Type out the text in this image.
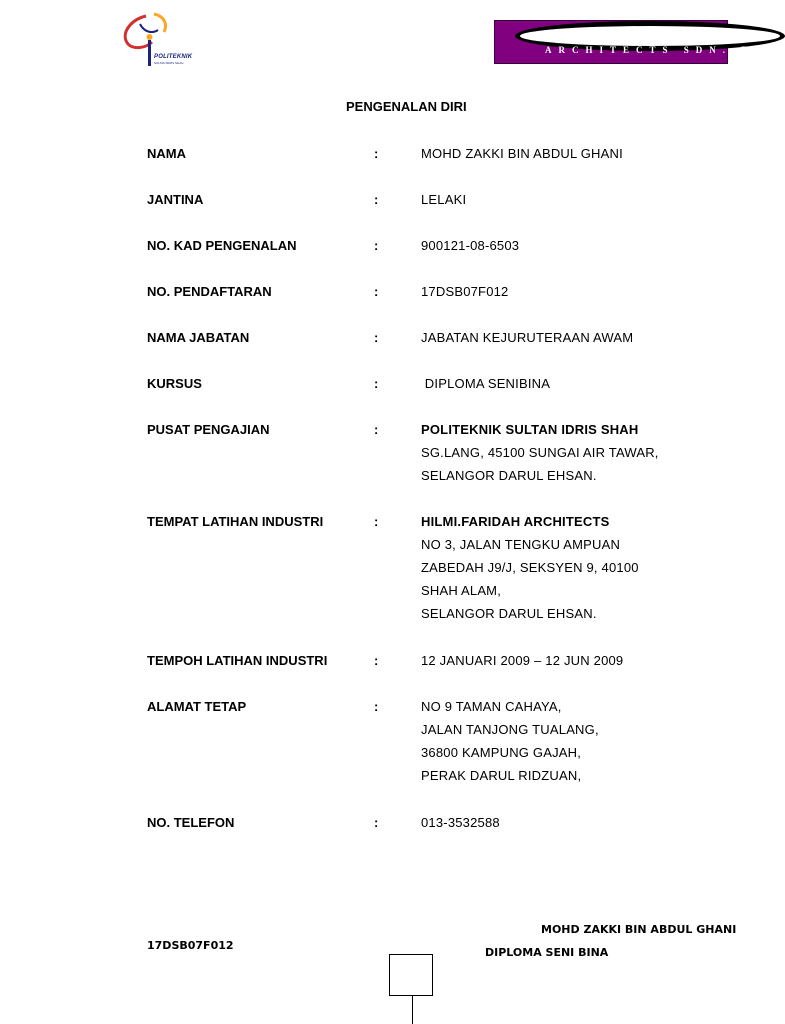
POLITEKNIK
SULTAN IDRIS SHAH
ARCHITECTS SDN. BHD
PENGENALAN DIRI
NAMA	:	MOHD ZAKKI BIN ABDUL GHANI
JANTINA	:	LELAKI
NO. KAD PENGENALAN	:	900121-08-6503
NO. PENDAFTARAN	:	17DSB07F012
NAMA JABATAN	:	JABATAN KEJURUTERAAN AWAM
KURSUS	:	DIPLOMA SENIBINA
PUSAT PENGAJIAN	:	POLITEKNIK SULTAN IDRIS SHAH
SG.LANG, 45100 SUNGAI AIR TAWAR,
SELANGOR DARUL EHSAN.
TEMPAT LATIHAN INDUSTRI	:	HILMI.FARIDAH ARCHITECTS
NO 3, JALAN TENGKU AMPUAN
ZABEDAH J9/J, SEKSYEN 9, 40100
SHAH ALAM,
SELANGOR DARUL EHSAN.
TEMPOH LATIHAN INDUSTRI	:	12 JANUARI 2009 – 12 JUN 2009
ALAMAT TETAP	:	NO 9 TAMAN CAHAYA,
JALAN TANJONG TUALANG,
36800 KAMPUNG GAJAH,
PERAK DARUL RIDZUAN,
NO. TELEFON	:	013-3532588
MOHD ZAKKI BIN ABDUL GHANI
DIPLOMA SENI BINA
17DSB07F012
